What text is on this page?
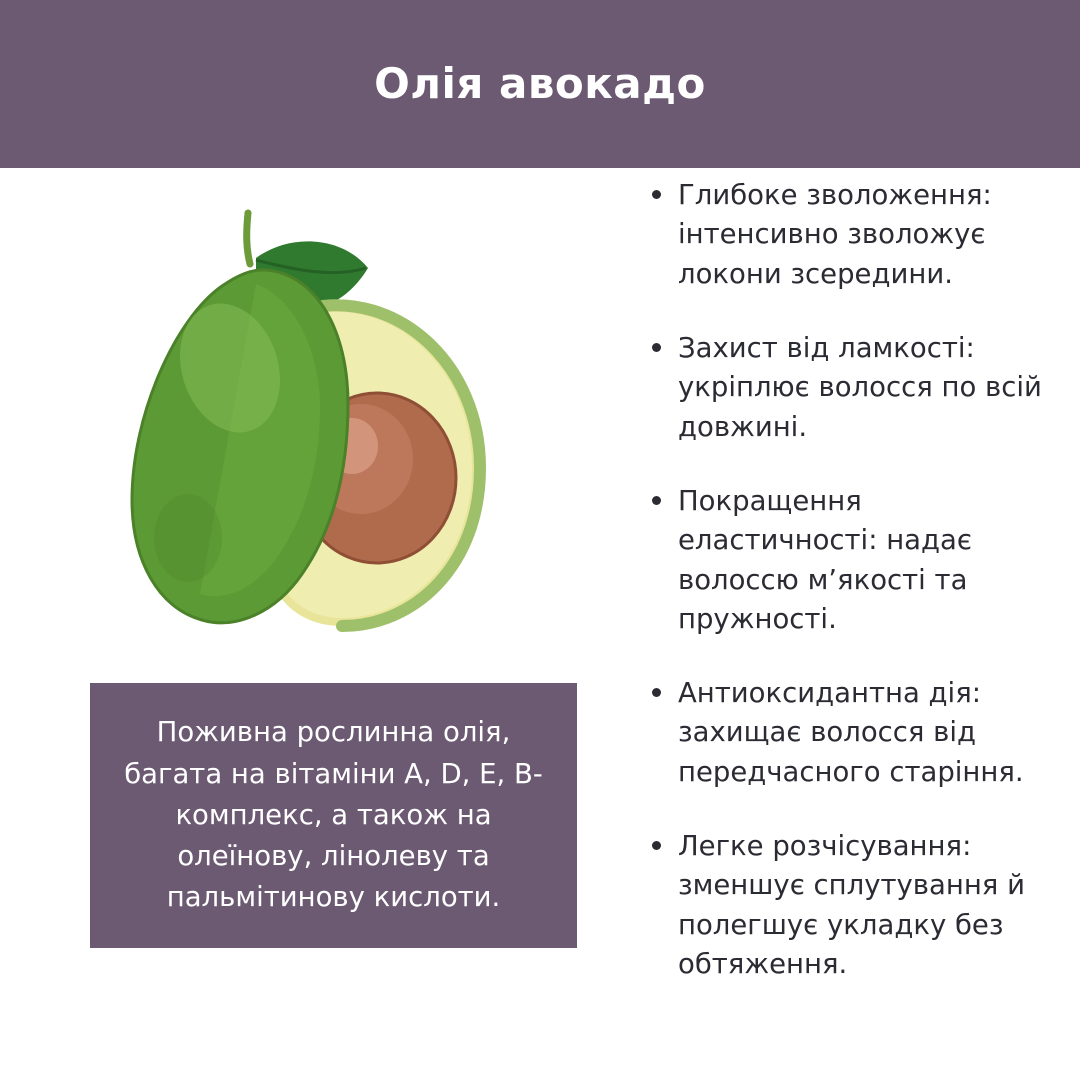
Олія авокадо

Поживна рослинна олія, багата на вітаміни A, D, E, B-комплекс, а також на олеїнову, лінолеву та пальмітинову кислоти.

Глибоке зволоження: інтенсивно зволожує локони зсередини.
Захист від ламкості: укріплює волосся по всій довжині.
Покращення еластичності: надає волоссю м’якості та пружності.
Антиоксидантна дія: захищає волосся від передчасного старіння.
Легке розчісування: зменшує сплутування й полегшує укладку без обтяження.
